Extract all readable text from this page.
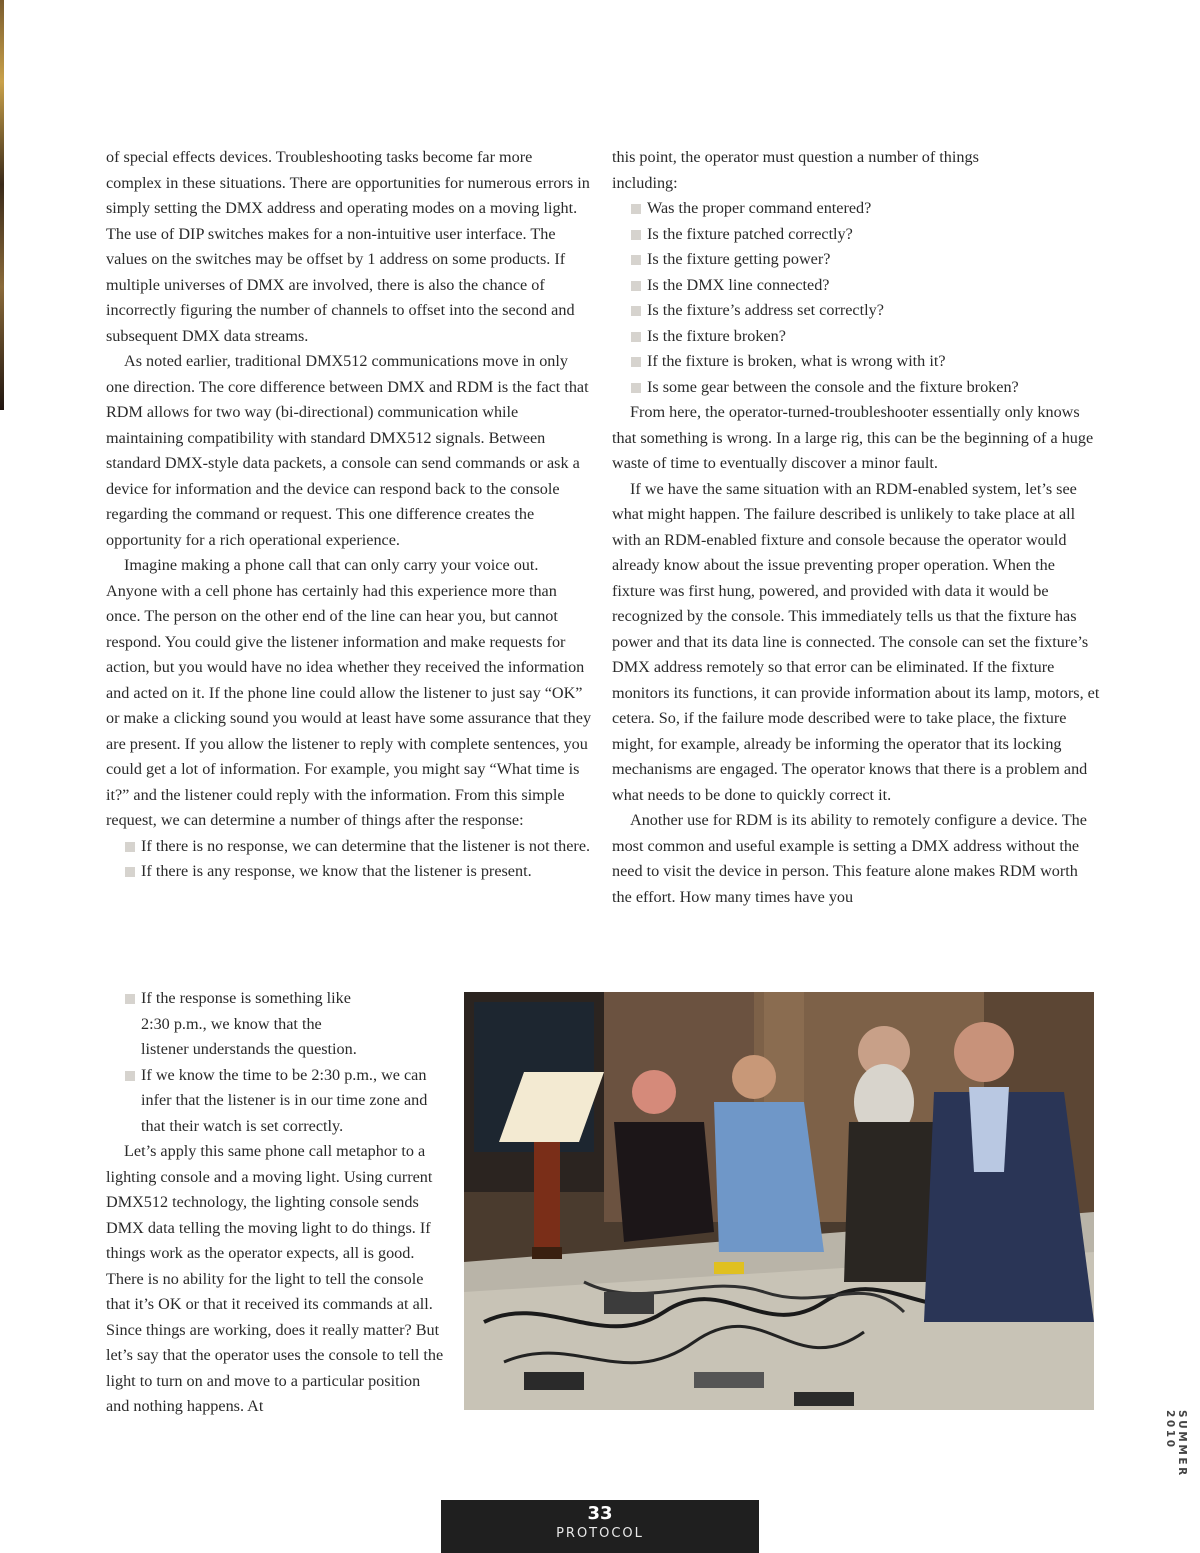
of special effects devices. Troubleshooting tasks become far more complex in these situations. There are opportunities for numerous errors in simply setting the DMX address and operating modes on a moving light. The use of DIP switches makes for a non-intuitive user interface. The values on the switches may be offset by 1 address on some products. If multiple universes of DMX are involved, there is also the chance of incorrectly figuring the number of channels to offset into the second and subsequent DMX data streams.

As noted earlier, traditional DMX512 communications move in only one direction. The core difference between DMX and RDM is the fact that RDM allows for two way (bi-directional) communication while maintaining compatibility with standard DMX512 signals. Between standard DMX-style data packets, a console can send commands or ask a device for information and the device can respond back to the console regarding the command or request. This one difference creates the opportunity for a rich operational experience.

Imagine making a phone call that can only carry your voice out. Anyone with a cell phone has certainly had this experience more than once. The person on the other end of the line can hear you, but cannot respond. You could give the listener information and make requests for action, but you would have no idea whether they received the information and acted on it. If the phone line could allow the listener to just say “OK” or make a clicking sound you would at least have some assurance that they are present. If you allow the listener to reply with complete sentences, you could get a lot of information. For example, you might say “What time is it?” and the listener could reply with the information. From this simple request, we can determine a number of things after the response:

If there is no response, we can determine that the listener is not there.
If there is any response, we know that the listener is present.
If the response is something like 2:30 p.m., we know that the listener understands the question.
If we know the time to be 2:30 p.m., we can infer that the listener is in our time zone and that their watch is set correctly.

Let’s apply this same phone call metaphor to a lighting console and a moving light. Using current DMX512 technology, the lighting console sends DMX data telling the moving light to do things. If things work as the operator expects, all is good. There is no ability for the light to tell the console that it’s OK or that it received its commands at all. Since things are working, does it really matter? But let’s say that the operator uses the console to tell the light to turn on and move to a particular position and nothing happens. At

this point, the operator must question a number of things including:

Was the proper command entered?
Is the fixture patched correctly?
Is the fixture getting power?
Is the DMX line connected?
Is the fixture’s address set correctly?
Is the fixture broken?
If the fixture is broken, what is wrong with it?
Is some gear between the console and the fixture broken?

From here, the operator-turned-troubleshooter essentially only knows that something is wrong. In a large rig, this can be the beginning of a huge waste of time to eventually discover a minor fault.

If we have the same situation with an RDM-enabled system, let’s see what might happen. The failure described is unlikely to take place at all with an RDM-enabled fixture and console because the operator would already know about the issue preventing proper operation. When the fixture was first hung, powered, and provided with data it would be recognized by the console. This immediately tells us that the fixture has power and that its data line is connected. The console can set the fixture’s DMX address remotely so that error can be eliminated. If the fixture monitors its functions, it can provide information about its lamp, motors, et cetera. So, if the failure mode described were to take place, the fixture might, for example, already be informing the operator that its locking mechanisms are engaged. The operator knows that there is a problem and what needs to be done to quickly correct it.

Another use for RDM is its ability to remotely configure a device. The most common and useful example is setting a DMX address without the need to visit the device in person. This feature alone makes RDM worth the effort. How many times have you

SUMMER 2010
33
PROTOCOL
